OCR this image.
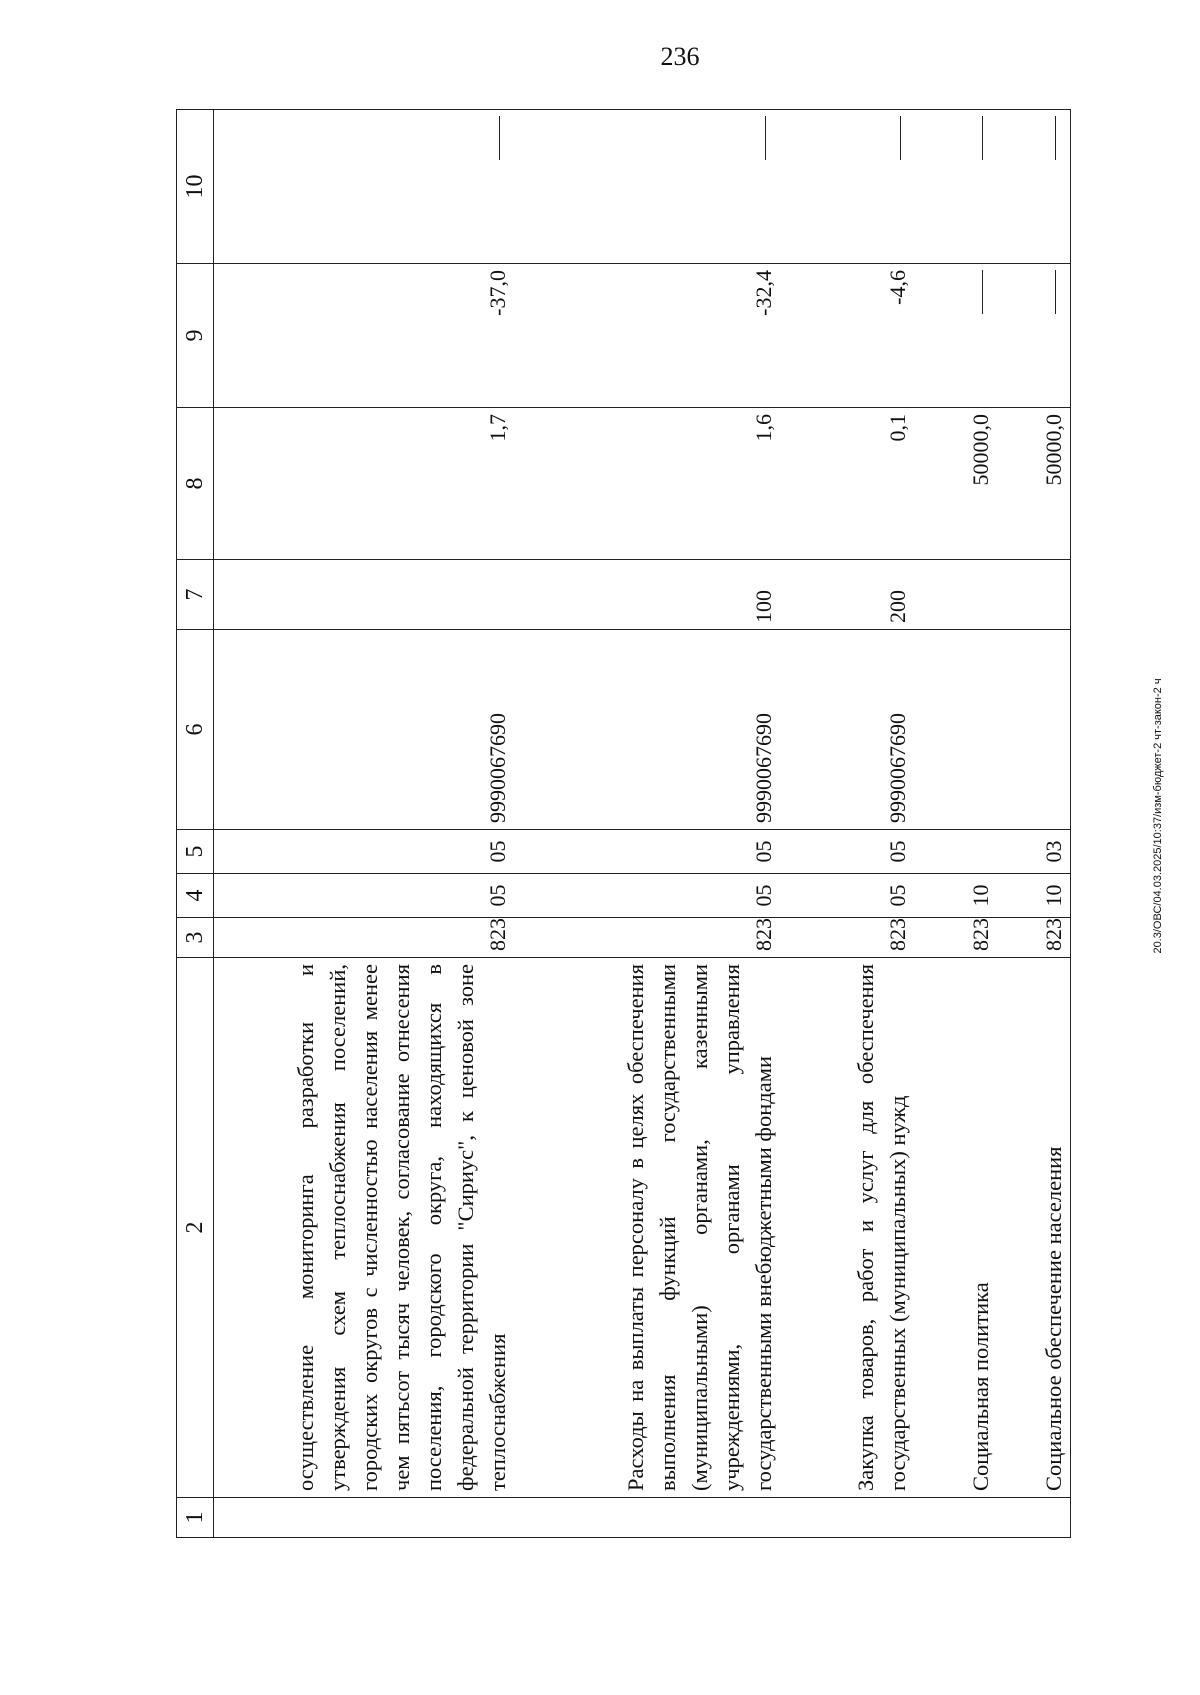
236
20.3/ОВС/04.03.2025/10:37/изм-бюджет-2 чт-закон-2 ч
1	2	3	4	5	6	7	8	9	10
	осуществление мониторинга разработки и утверждения схем теплоснабжения поселений, городских округов с численностью населения менее чем пятьсот тысяч человек, согласование отнесения поселения, городского округа, находящихся в федеральной территории "Сириус", к ценовой зоне теплоснабжения	823	05	05	9990067690		1,7	-37,0	
	Расходы на выплаты персоналу в целях обеспечения выполнения функций государственными (муниципальными) органами, казенными учреждениями, органами управления государственными внебюджетными фондами	823	05	05	9990067690	100	1,6	-32,4	
	Закупка товаров, работ и услуг для обеспечения государственных (муниципальных) нужд	823	05	05	9990067690	200	0,1	-4,6	
	Социальная политика	823	10				50000,0		
	Социальное обеспечение населения	823	10	03			50000,0		
